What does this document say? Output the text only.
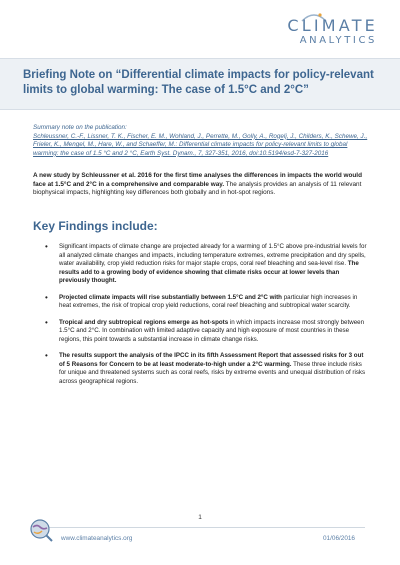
CLIMATE
ANALYTICS
Briefing Note on “Differential climate impacts for policy-relevant limits to global warming: The case of 1.5°C and 2°C”
Summary note on the publication:
Schleussner, C.-F., Lissner, T. K., Fischer, E. M., Wohland, J., Perrette, M., Golly, A., Rogelj, J., Childers, K., Schewe, J., Frieler, K., Mengel, M., Hare, W., and Schaeffer, M.: Differential climate impacts for policy-relevant limits to global warming: the case of 1.5 °C and 2 °C, Earth Syst. Dynam., 7, 327-351, 2016, doi:10.5194/esd-7-327-2016

A new study by Schleussner et al. 2016 for the first time analyses the differences in impacts the world would face at 1.5°C and 2°C in a comprehensive and comparable way. The analysis provides an analysis of 11 relevant biophysical impacts, highlighting key differences both globally and in hot-spot regions.

Key Findings include:
• Significant impacts of climate change are projected already for a warming of 1.5°C above pre-industrial levels for all analyzed climate changes and impacts, including temperature extremes, extreme precipitation and dry spells, water availability, crop yield reduction risks for major staple crops, coral reef bleaching and sea-level rise. The results add to a growing body of evidence showing that climate risks occur at lower levels than previously thought.
• Projected climate impacts will rise substantially between 1.5°C and 2°C with particular high increases in heat extremes, the risk of tropical crop yield reductions, coral reef bleaching and subtropical water scarcity.
• Tropical and dry subtropical regions emerge as hot-spots in which impacts increase most strongly between 1.5°C and 2°C. In combination with limited adaptive capacity and high exposure of most countries in these regions, this point towards a substantial increase in climate change risks.
• The results support the analysis of the IPCC in its fifth Assessment Report that assessed risks for 3 out of 5 Reasons for Concern to be at least moderate-to-high under a 2°C warming. These three include risks for unique and threatened systems such as coral reefs, risks by extreme events and unequal distribution of risks across geographical regions.
1
www.climateanalytics.org	01/06/2016
